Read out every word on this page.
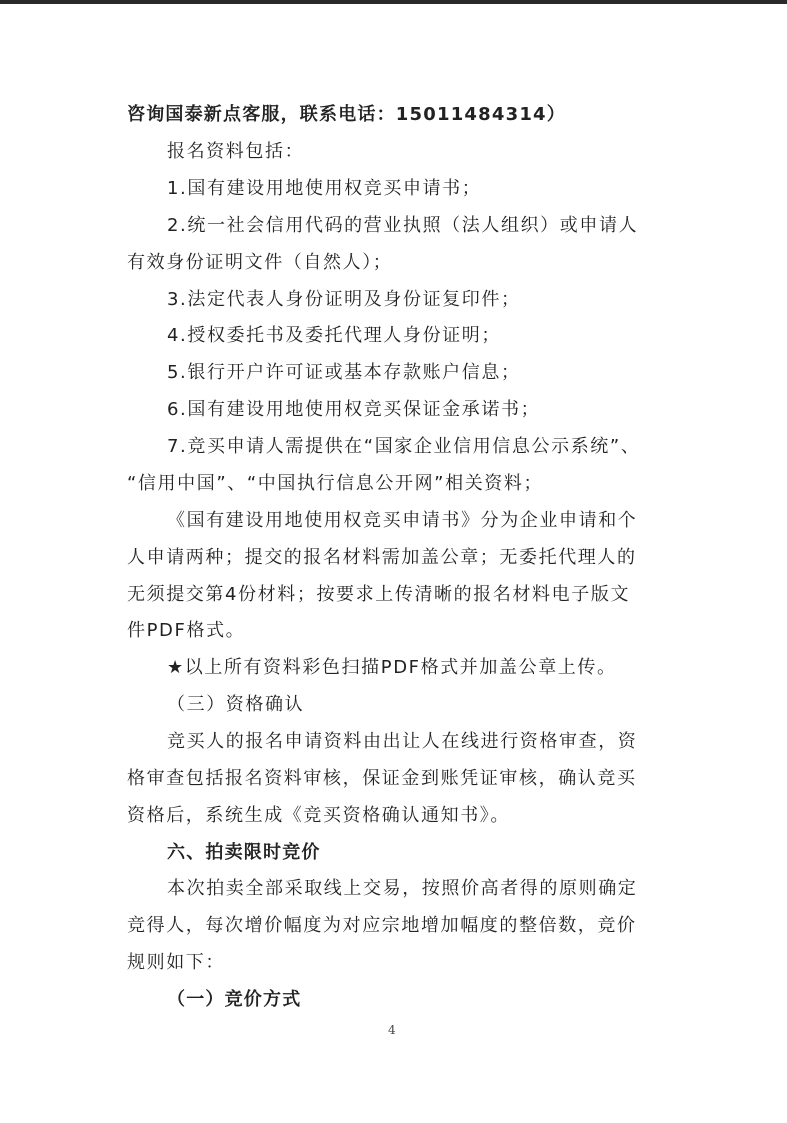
咨询国泰新点客服，联系电话：15011484314）

报名资料包括：

1.国有建设用地使用权竞买申请书；

2.统一社会信用代码的营业执照（法人组织）或申请人

有效身份证明文件（自然人）；

3.法定代表人身份证明及身份证复印件；

4.授权委托书及委托代理人身份证明；

5.银行开户许可证或基本存款账户信息；

6.国有建设用地使用权竞买保证金承诺书；

7.竞买申请人需提供在“国家企业信用信息公示系统”、

“信用中国”、“中国执行信息公开网”相关资料；

《国有建设用地使用权竞买申请书》分为企业申请和个

人申请两种；提交的报名材料需加盖公章；无委托代理人的

无须提交第4份材料；按要求上传清晰的报名材料电子版文

件PDF格式。

★以上所有资料彩色扫描PDF格式并加盖公章上传。

（三）资格确认

竞买人的报名申请资料由出让人在线进行资格审查，资

格审查包括报名资料审核，保证金到账凭证审核，确认竞买

资格后，系统生成《竞买资格确认通知书》。

六、拍卖限时竞价

本次拍卖全部采取线上交易，按照价高者得的原则确定

竞得人，每次增价幅度为对应宗地增加幅度的整倍数，竞价

规则如下：

（一）竞价方式

4
